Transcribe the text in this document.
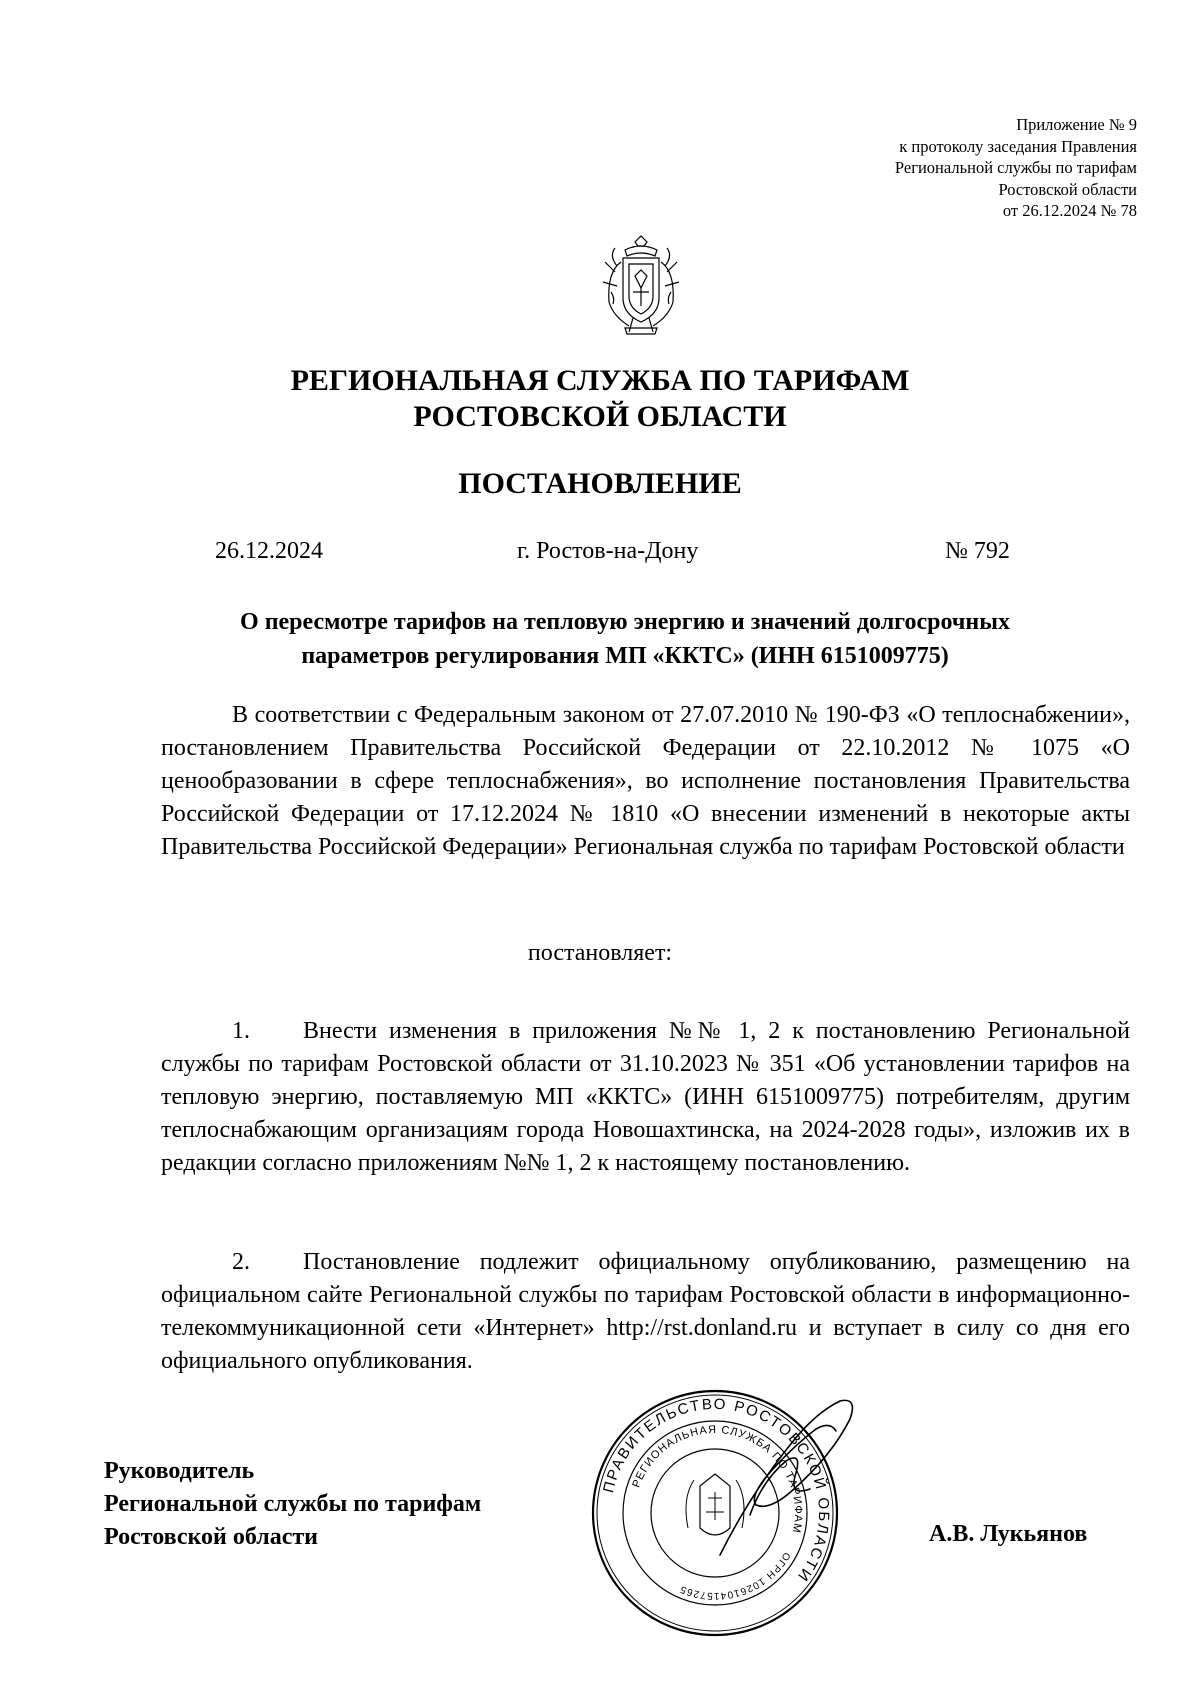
Приложение № 9
к протоколу заседания Правления
Региональной службы по тарифам
Ростовской области
от 26.12.2024 № 78
РЕГИОНАЛЬНАЯ СЛУЖБА ПО ТАРИФАМ
РОСТОВСКОЙ ОБЛАСТИ
ПОСТАНОВЛЕНИЕ
26.12.2024	г. Ростов-на-Дону	№ 792
О пересмотре тарифов на тепловую энергию и значений долгосрочных
параметров регулирования МП «ККТС» (ИНН 6151009775)
В соответствии с Федеральным законом от 27.07.2010 № 190-ФЗ «О теплоснабжении», постановлением Правительства Российской Федерации от 22.10.2012 № 1075 «О ценообразовании в сфере теплоснабжения», во исполнение постановления Правительства Российской Федерации от 17.12.2024 № 1810 «О внесении изменений в некоторые акты Правительства Российской Федерации» Региональная служба по тарифам Ростовской области
постановляет:
1. Внести изменения в приложения №№ 1, 2 к постановлению Региональной службы по тарифам Ростовской области от 31.10.2023 № 351 «Об установлении тарифов на тепловую энергию, поставляемую МП «ККТС» (ИНН 6151009775) потребителям, другим теплоснабжающим организациям города Новошахтинска, на 2024-2028 годы», изложив их в редакции согласно приложениям №№ 1, 2 к настоящему постановлению.
2. Постановление подлежит официальному опубликованию, размещению на официальном сайте Региональной службы по тарифам Ростовской области в информационно-телекоммуникационной сети «Интернет» http://rst.donland.ru и вступает в силу со дня его официального опубликования.
Руководитель
Региональной службы по тарифам
Ростовской области
ПРАВИТЕЛЬСТВО РОСТОВСКОЙ ОБЛАСТИ
РЕГИОНАЛЬНАЯ СЛУЖБА ПО ТАРИФАМ
ОГРН 1026104157265
А.В. Лукьянов
